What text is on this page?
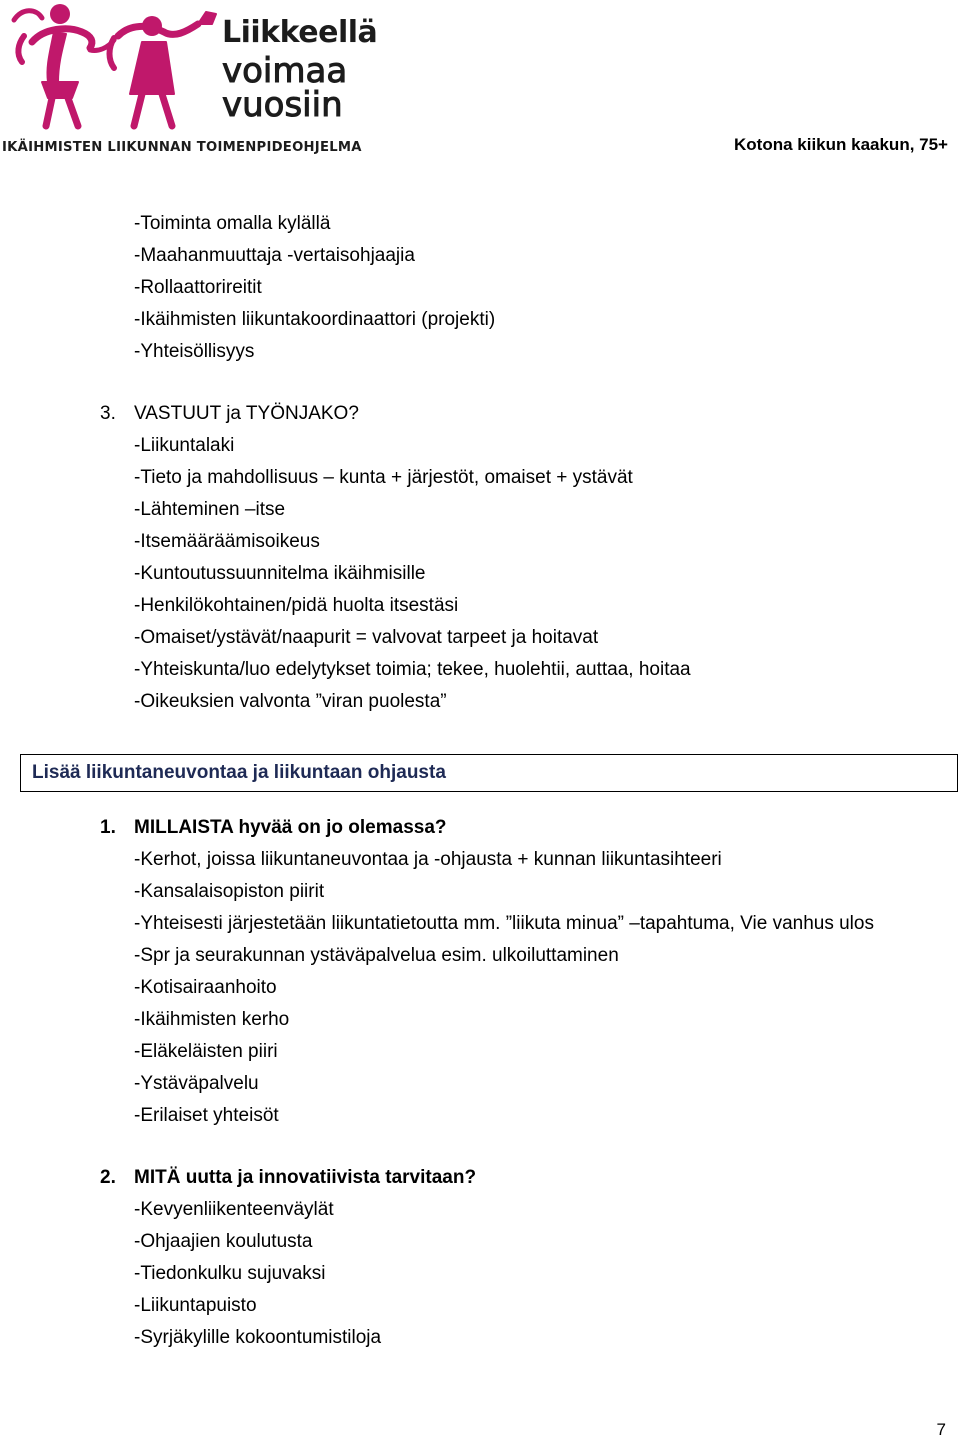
Liikkeellä
voimaa
vuosiin
IKÄIHMISTEN LIIKUNNAN TOIMENPIDEOHJELMA	Kotona kiikun kaakun, 75+
-Toiminta omalla kylällä
-Maahanmuuttaja -vertaisohjaajia
-Rollaattorireitit
-Ikäihmisten liikuntakoordinaattori (projekti)
-Yhteisöllisyys
3. VASTUUT ja TYÖNJAKO?
-Liikuntalaki
-Tieto ja mahdollisuus – kunta + järjestöt, omaiset + ystävät
-Lähteminen –itse
-Itsemääräämisoikeus
-Kuntoutussuunnitelma ikäihmisille
-Henkilökohtainen/pidä huolta itsestäsi
-Omaiset/ystävät/naapurit = valvovat tarpeet ja hoitavat
-Yhteiskunta/luo edelytykset toimia; tekee, huolehtii, auttaa, hoitaa
-Oikeuksien valvonta ”viran puolesta”
Lisää liikuntaneuvontaa ja liikuntaan ohjausta
1. MILLAISTA hyvää on jo olemassa?
-Kerhot, joissa liikuntaneuvontaa ja -ohjausta + kunnan liikuntasihteeri
-Kansalaisopiston piirit
-Yhteisesti järjestetään liikuntatietoutta mm. ”liikuta minua” –tapahtuma, Vie vanhus ulos
-Spr ja seurakunnan ystäväpalvelua esim. ulkoiluttaminen
-Kotisairaanhoito
-Ikäihmisten kerho
-Eläkeläisten piiri
-Ystäväpalvelu
-Erilaiset yhteisöt
2. MITÄ uutta ja innovatiivista tarvitaan?
-Kevyenliikenteenväylät
-Ohjaajien koulutusta
-Tiedonkulku sujuvaksi
-Liikuntapuisto
-Syrjäkylille kokoontumistiloja
7
